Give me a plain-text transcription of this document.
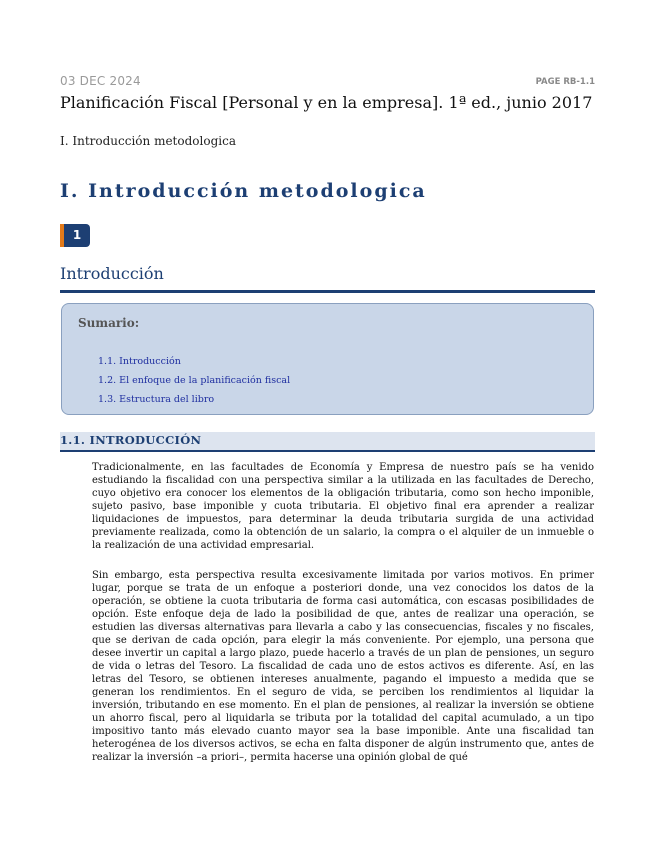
03 DEC 2024	PAGE RB-1.1
Planificación Fiscal [Personal y en la empresa]. 1ª ed., junio 2017
I. Introducción metodologica
I. Introducción metodologica
1
Introducción
Sumario:
1.1. Introducción
1.2. El enfoque de la planificación fiscal
1.3. Estructura del libro
1.1. INTRODUCCIÓN

Tradicionalmente, en las facultades de Economía y Empresa de nuestro país se ha venido estudiando la fiscalidad con una perspectiva similar a la utilizada en las facultades de Derecho, cuyo objetivo era conocer los elementos de la obligación tributaria, como son hecho imponible, sujeto pasivo, base imponible y cuota tributaria. El objetivo final era aprender a realizar liquidaciones de impuestos, para determinar la deuda tributaria surgida de una actividad previamente realizada, como la obtención de un salario, la compra o el alquiler de un inmueble o la realización de una actividad empresarial.

Sin embargo, esta perspectiva resulta excesivamente limitada por varios motivos. En primer lugar, porque se trata de un enfoque a posteriori donde, una vez conocidos los datos de la operación, se obtiene la cuota tributaria de forma casi automática, con escasas posibilidades de opción. Este enfoque deja de lado la posibilidad de que, antes de realizar una operación, se estudien las diversas alternativas para llevarla a cabo y las consecuencias, fiscales y no fiscales, que se derivan de cada opción, para elegir la más conveniente. Por ejemplo, una persona que desee invertir un capital a largo plazo, puede hacerlo a través de un plan de pensiones, un seguro de vida o letras del Tesoro. La fiscalidad de cada uno de estos activos es diferente. Así, en las letras del Tesoro, se obtienen intereses anualmente, pagando el impuesto a medida que se generan los rendimientos. En el seguro de vida, se perciben los rendimientos al liquidar la inversión, tributando en ese momento. En el plan de pensiones, al realizar la inversión se obtiene un ahorro fiscal, pero al liquidarla se tributa por la totalidad del capital acumulado, a un tipo impositivo tanto más elevado cuanto mayor sea la base imponible. Ante una fiscalidad tan heterogénea de los diversos activos, se echa en falta disponer de algún instrumento que, antes de realizar la inversión –a priori–, permita hacerse una opinión global de qué
